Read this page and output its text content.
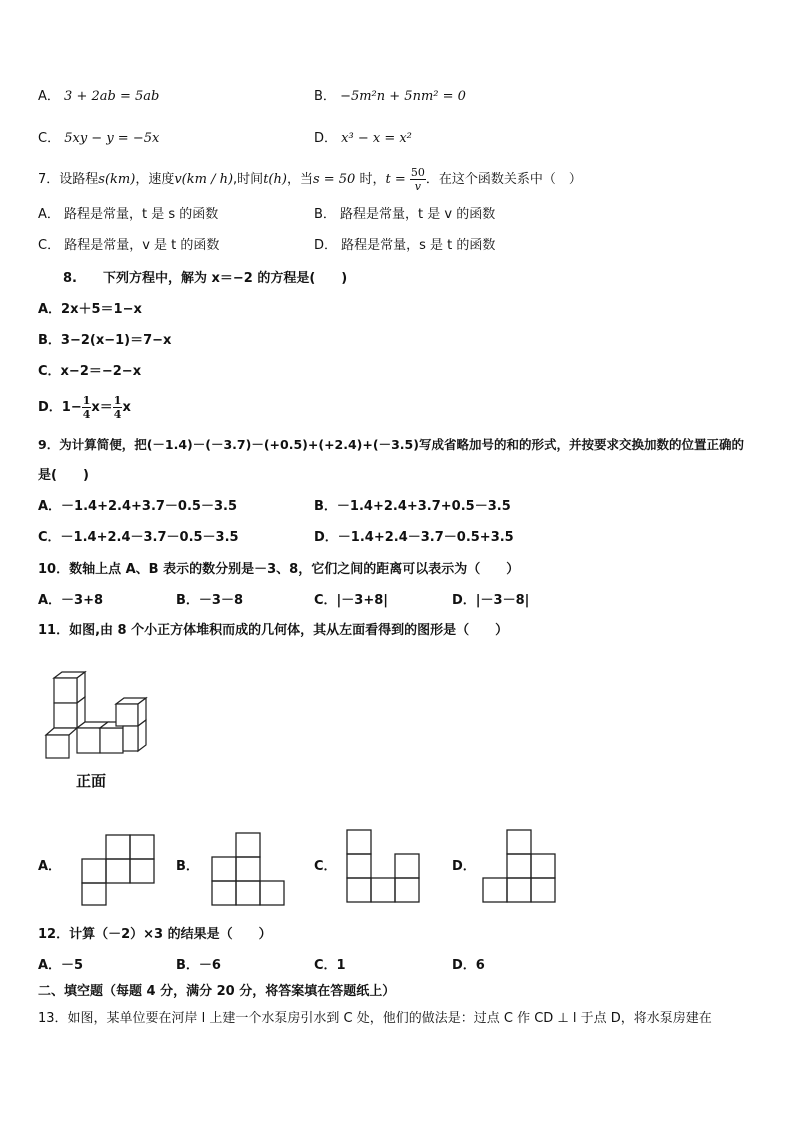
A． 3 + 2ab = 5ab	B． −5m²n + 5nm² = 0
C． 5xy − y = −5x	D． x³ − x = x²
7．设路程s(km)，速度v(km / h),时间t(h)，当s = 50 时，$t = \frac{50}{v}$ ．在这个函数关系中（　）
A． 路程是常量，t 是 s 的函数	B． 路程是常量，t 是 v 的函数
C． 路程是常量，v 是 t 的函数	D． 路程是常量，s 是 t 的函数
8.　　下列方程中，解为 x＝−2 的方程是(　　)
A．2x＋5＝1−x
B．3−2(x−1)＝7−x
C．x−2＝−2−x
D．$1- \frac{1}{4} x= \frac{1}{4}$ x
9．为计算简便，把(－1.4)－(－3.7)－(+0.5)+(+2.4)+(－3.5)写成省略加号的和的形式，并按要求交换加数的位置正确的
是(　　)
A．－1.4+2.4+3.7－0.5－3.5	B．－1.4+2.4+3.7+0.5－3.5
C．－1.4+2.4－3.7－0.5－3.5	D．－1.4+2.4－3.7－0.5+3.5
10．数轴上点 A、B 表示的数分别是－3、8，它们之间的距离可以表示为（　　）
A．－3+8	B．－3－8	C．|－3+8|	D．|－3－8|
11．如图,由 8 个小正方体堆积而成的几何体，其从左面看得到的图形是（　　）
正面
A．	B．	C．	D．
12．计算（－2）×3 的结果是（　　）
A．－5	B．－6	C．1	D．6
二、填空题（每题 4 分，满分 20 分，将答案填在答题纸上）
13．如图，某单位要在河岸 l 上建一个水泵房引水到 C 处，他们的做法是：过点 C 作 CD ⊥ l 于点 D，将水泵房建在
